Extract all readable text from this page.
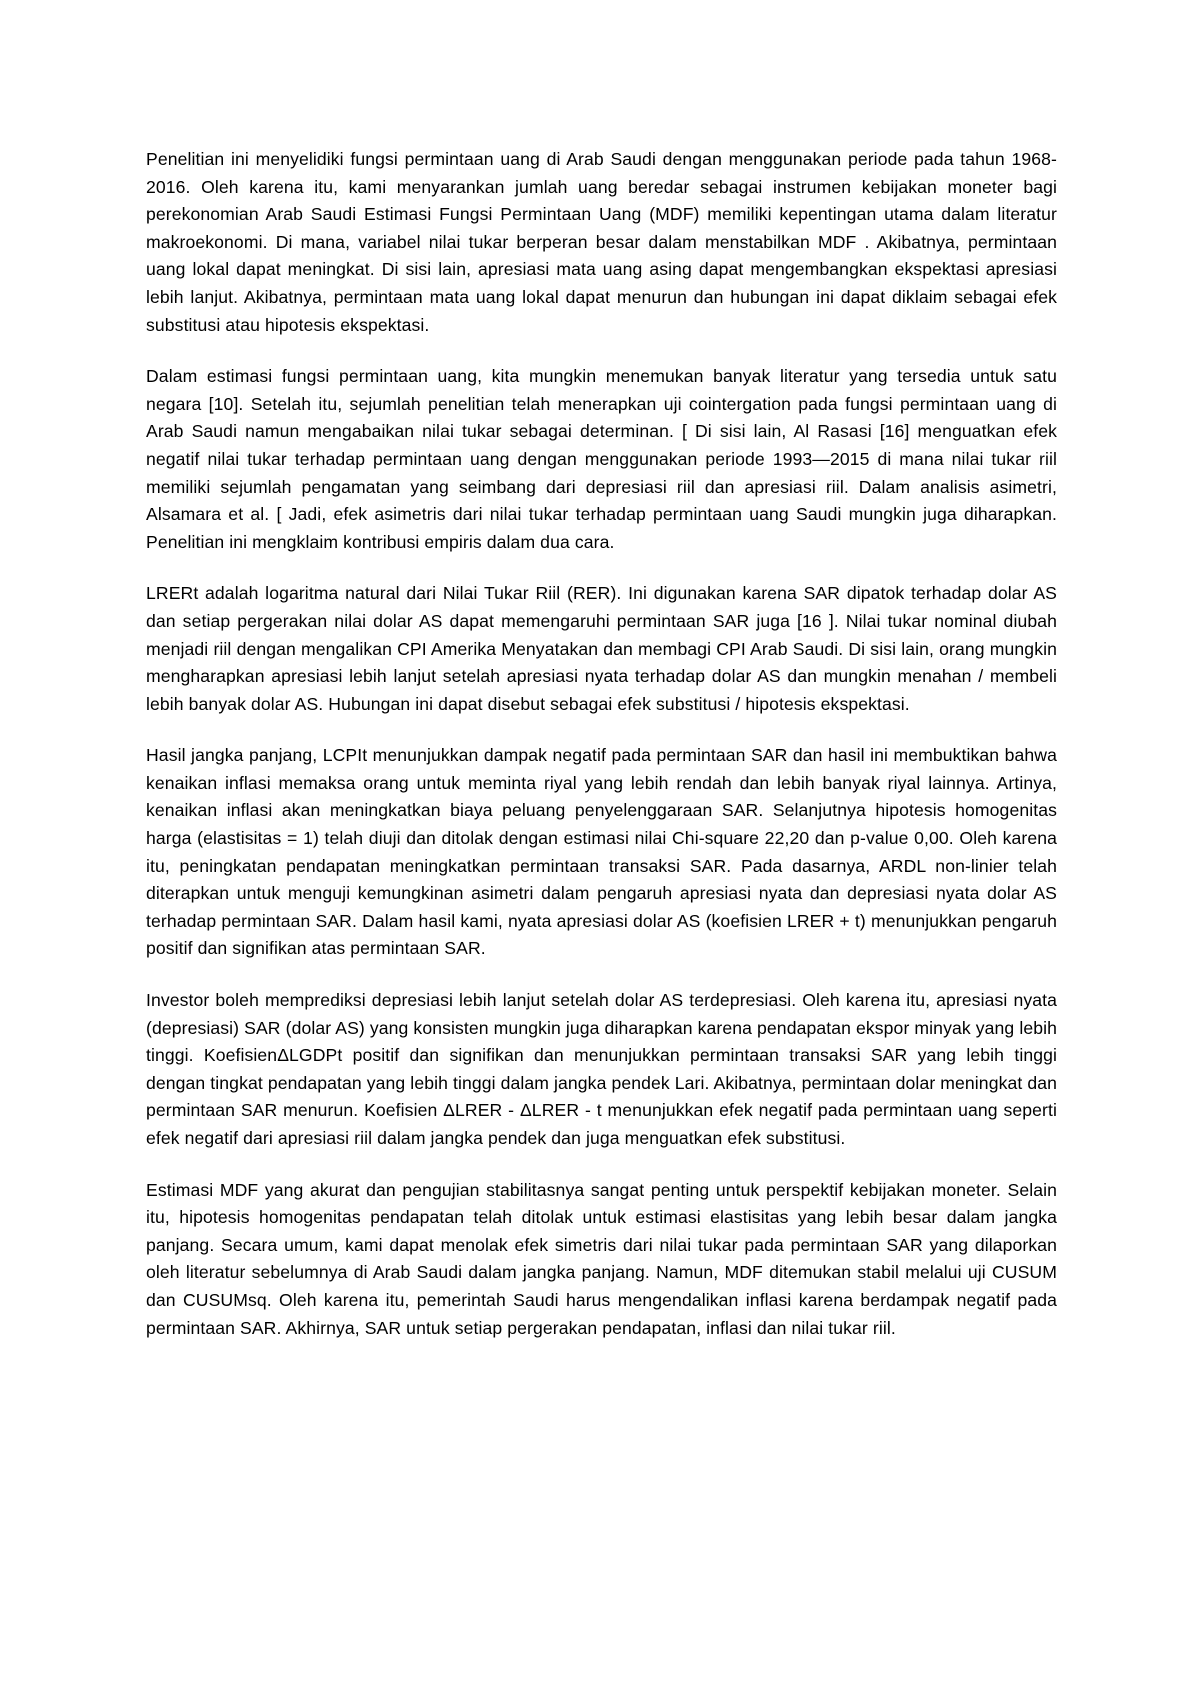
Penelitian ini menyelidiki fungsi permintaan uang di Arab Saudi dengan menggunakan periode pada tahun 1968-2016. Oleh karena itu, kami menyarankan jumlah uang beredar sebagai instrumen kebijakan moneter bagi perekonomian Arab Saudi Estimasi Fungsi Permintaan Uang (MDF) memiliki kepentingan utama dalam literatur makroekonomi. Di mana, variabel nilai tukar berperan besar dalam menstabilkan MDF . Akibatnya, permintaan uang lokal dapat meningkat. Di sisi lain, apresiasi mata uang asing dapat mengembangkan ekspektasi apresiasi lebih lanjut. Akibatnya, permintaan mata uang lokal dapat menurun dan hubungan ini dapat diklaim sebagai efek substitusi atau hipotesis ekspektasi.

Dalam estimasi fungsi permintaan uang, kita mungkin menemukan banyak literatur yang tersedia untuk satu negara [10]. Setelah itu, sejumlah penelitian telah menerapkan uji cointergation pada fungsi permintaan uang di Arab Saudi namun mengabaikan nilai tukar sebagai determinan. [ Di sisi lain, Al Rasasi [16] menguatkan efek negatif nilai tukar terhadap permintaan uang dengan menggunakan periode 1993—2015 di mana nilai tukar riil memiliki sejumlah pengamatan yang seimbang dari depresiasi riil dan apresiasi riil. Dalam analisis asimetri, Alsamara et al. [ Jadi, efek asimetris dari nilai tukar terhadap permintaan uang Saudi mungkin juga diharapkan. Penelitian ini mengklaim kontribusi empiris dalam dua cara.

LRERt adalah logaritma natural dari Nilai Tukar Riil (RER). Ini digunakan karena SAR dipatok terhadap dolar AS dan setiap pergerakan nilai dolar AS dapat memengaruhi permintaan SAR juga [16 ]. Nilai tukar nominal diubah menjadi riil dengan mengalikan CPI Amerika Menyatakan dan membagi CPI Arab Saudi. Di sisi lain, orang mungkin mengharapkan apresiasi lebih lanjut setelah apresiasi nyata terhadap dolar AS dan mungkin menahan / membeli lebih banyak dolar AS. Hubungan ini dapat disebut sebagai efek substitusi / hipotesis ekspektasi.

Hasil jangka panjang, LCPIt menunjukkan dampak negatif pada permintaan SAR dan hasil ini membuktikan bahwa kenaikan inflasi memaksa orang untuk meminta riyal yang lebih rendah dan lebih banyak riyal lainnya. Artinya, kenaikan inflasi akan meningkatkan biaya peluang penyelenggaraan SAR. Selanjutnya hipotesis homogenitas harga (elastisitas = 1) telah diuji dan ditolak dengan estimasi nilai Chi-square 22,20 dan p-value 0,00. Oleh karena itu, peningkatan pendapatan meningkatkan permintaan transaksi SAR. Pada dasarnya, ARDL non-linier telah diterapkan untuk menguji kemungkinan asimetri dalam pengaruh apresiasi nyata dan depresiasi nyata dolar AS terhadap permintaan SAR. Dalam hasil kami, nyata apresiasi dolar AS (koefisien LRER + t) menunjukkan pengaruh positif dan signifikan atas permintaan SAR.

Investor boleh memprediksi depresiasi lebih lanjut setelah dolar AS terdepresiasi. Oleh karena itu, apresiasi nyata (depresiasi) SAR (dolar AS) yang konsisten mungkin juga diharapkan karena pendapatan ekspor minyak yang lebih tinggi. KoefisienΔLGDPt positif dan signifikan dan menunjukkan permintaan transaksi SAR yang lebih tinggi dengan tingkat pendapatan yang lebih tinggi dalam jangka pendek Lari. Akibatnya, permintaan dolar meningkat dan permintaan SAR menurun. Koefisien ΔLRER - ΔLRER - t menunjukkan efek negatif pada permintaan uang seperti efek negatif dari apresiasi riil dalam jangka pendek dan juga menguatkan efek substitusi.

Estimasi MDF yang akurat dan pengujian stabilitasnya sangat penting untuk perspektif kebijakan moneter. Selain itu, hipotesis homogenitas pendapatan telah ditolak untuk estimasi elastisitas yang lebih besar dalam jangka panjang. Secara umum, kami dapat menolak efek simetris dari nilai tukar pada permintaan SAR yang dilaporkan oleh literatur sebelumnya di Arab Saudi dalam jangka panjang. Namun, MDF ditemukan stabil melalui uji CUSUM dan CUSUMsq. Oleh karena itu, pemerintah Saudi harus mengendalikan inflasi karena berdampak negatif pada permintaan SAR. Akhirnya, SAR untuk setiap pergerakan pendapatan, inflasi dan nilai tukar riil.
